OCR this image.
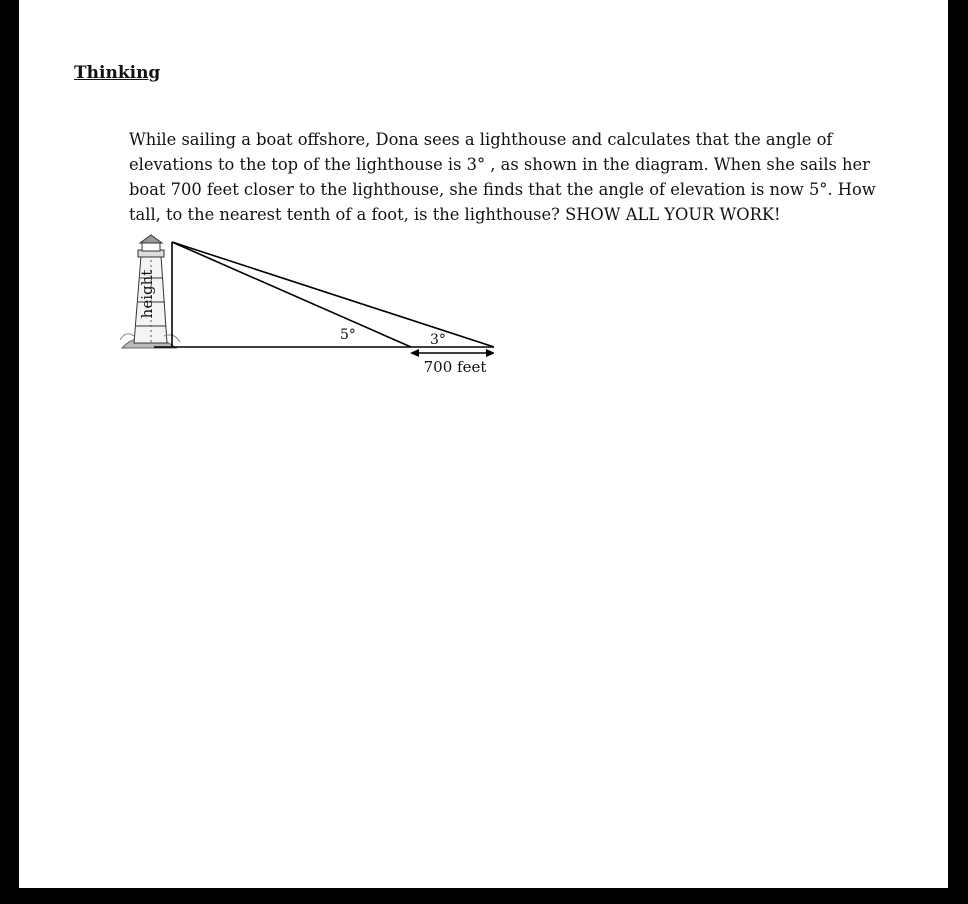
Thinking

While sailing a boat offshore, Dona sees a lighthouse and calculates that the angle of elevations to the top of the lighthouse is 3° , as shown in the diagram. When she sails her boat 700 feet closer to the lighthouse, she finds that the angle of elevation is now 5°. How tall, to the nearest tenth of a foot, is the lighthouse? SHOW ALL YOUR WORK!

height
5°	3°
700 feet
